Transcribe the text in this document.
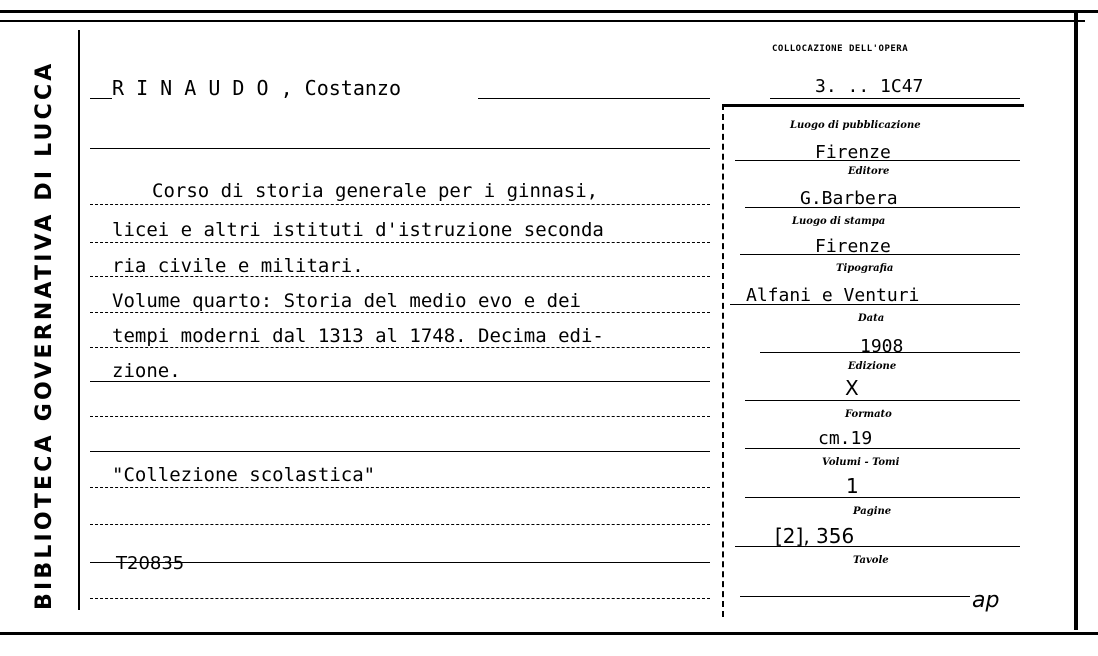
BIBLIOTECA GOVERNATIVA DI LUCCA	R I N A U D O , Costanzo
COLLOCAZIONE DELL'OPERA
3. .. 1C47
Corso di storia generale per i ginnasi,
licei e altri istituti d'istruzione seconda
ria civile e militari.
Volume quarto: Storia del medio evo e dei
tempi moderni dal 1313 al 1748. Decima edi-
zione.
"Collezione scolastica"
T20835
Luogo di pubblicazione
Firenze
Editore
G.Barbera
Luogo di stampa
Firenze
Tipografia
Alfani e Venturi
Data
1908
Edizione
X
Formato
cm.19
Volumi - Tomi
1
Pagine
[2], 356
Tavole
ap
